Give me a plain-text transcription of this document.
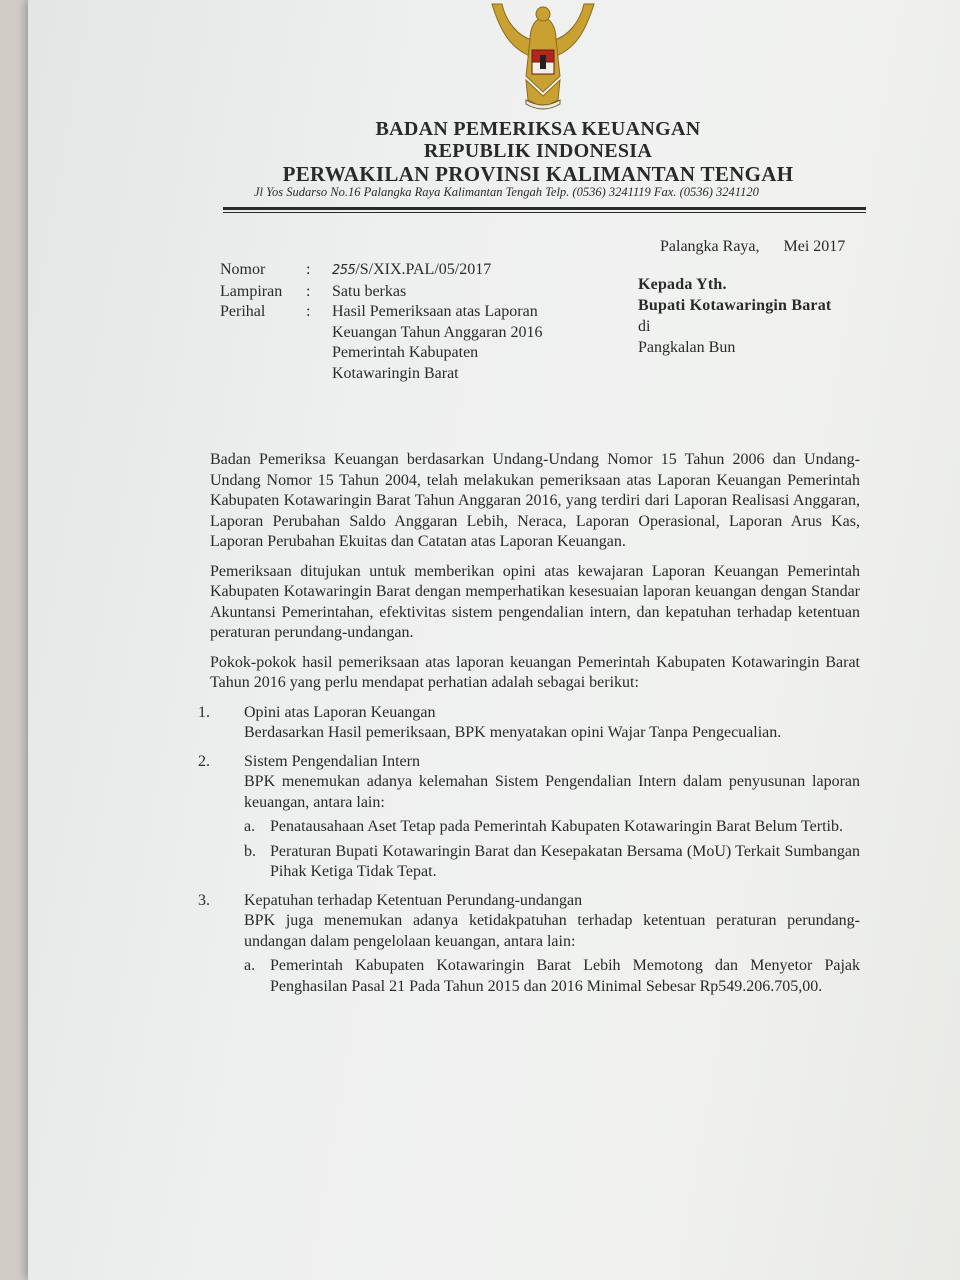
BADAN PEMERIKSA KEUANGAN
REPUBLIK INDONESIA
PERWAKILAN PROVINSI KALIMANTAN TENGAH
Jl Yos Sudarso No.16 Palangka Raya Kalimantan Tengah Telp. (0536) 3241119 Fax. (0536) 3241120
Palangka Raya,      Mei 2017
Nomor	:	255/S/XIX.PAL/05/2017
Lampiran	:	Satu berkas
Perihal	:	Hasil Pemeriksaan atas Laporan
Keuangan Tahun Anggaran 2016
Pemerintah Kabupaten
Kotawaringin Barat
Kepada Yth.
Bupati Kotawaringin Barat
di
Pangkalan Bun

Badan Pemeriksa Keuangan berdasarkan Undang-Undang Nomor 15 Tahun 2006 dan Undang-Undang Nomor 15 Tahun 2004, telah melakukan pemeriksaan atas Laporan Keuangan Pemerintah Kabupaten Kotawaringin Barat Tahun Anggaran 2016, yang terdiri dari Laporan Realisasi Anggaran, Laporan Perubahan Saldo Anggaran Lebih, Neraca, Laporan Operasional, Laporan Arus Kas, Laporan Perubahan Ekuitas dan Catatan atas Laporan Keuangan.

Pemeriksaan ditujukan untuk memberikan opini atas kewajaran Laporan Keuangan Pemerintah Kabupaten Kotawaringin Barat dengan memperhatikan kesesuaian laporan keuangan dengan Standar Akuntansi Pemerintahan, efektivitas sistem pengendalian intern, dan kepatuhan terhadap ketentuan peraturan perundang-undangan.

Pokok-pokok hasil pemeriksaan atas laporan keuangan Pemerintah Kabupaten Kotawaringin Barat Tahun 2016 yang perlu mendapat perhatian adalah sebagai berikut:

1. Opini atas Laporan Keuangan
Berdasarkan Hasil pemeriksaan, BPK menyatakan opini Wajar Tanpa Pengecualian.
2. Sistem Pengendalian Intern
BPK menemukan adanya kelemahan Sistem Pengendalian Intern dalam penyusunan laporan keuangan, antara lain:
a. Penatausahaan Aset Tetap pada Pemerintah Kabupaten Kotawaringin Barat Belum Tertib.
b. Peraturan Bupati Kotawaringin Barat dan Kesepakatan Bersama (MoU) Terkait Sumbangan Pihak Ketiga Tidak Tepat.
3. Kepatuhan terhadap Ketentuan Perundang-undangan
BPK juga menemukan adanya ketidakpatuhan terhadap ketentuan peraturan perundang-undangan dalam pengelolaan keuangan, antara lain:
a. Pemerintah Kabupaten Kotawaringin Barat Lebih Memotong dan Menyetor Pajak Penghasilan Pasal 21 Pada Tahun 2015 dan 2016 Minimal Sebesar Rp549.206.705,00.
